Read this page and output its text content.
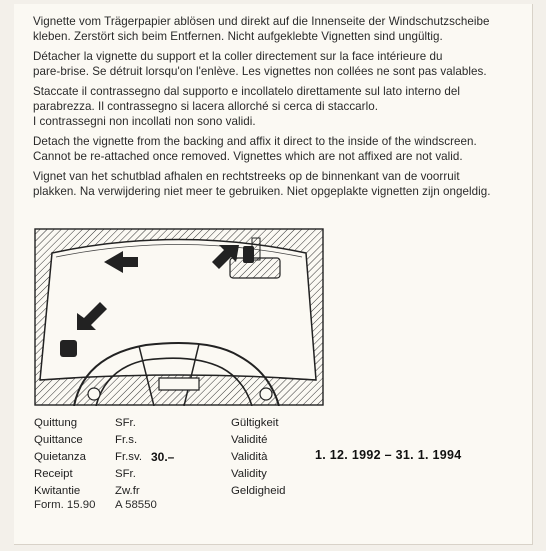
Vignette vom Trägerpapier ablösen und direkt auf die Innenseite der Windschutzscheibe
kleben. Zerstört sich beim Entfernen. Nicht aufgeklebte Vignetten sind ungültig.

Détacher la vignette du support et la coller directement sur la face intérieure du
pare-brise. Se détruit lorsqu'on l'enlève. Les vignettes non collées ne sont pas valables.

Staccate il contrassegno dal supporto e incollatelo direttamente sul lato interno del
parabrezza. Il contrassegno si lacera allorché si cerca di staccarlo.
I contrassegni non incollati non sono validi.

Detach the vignette from the backing and affix it direct to the inside of the windscreen.
Cannot be re-attached once removed. Vignettes which are not affixed are not valid.

Vignet van het schutblad afhalen en rechtstreeks op de binnenkant van de voorruit
plakken. Na verwijdering niet meer te gebruiken. Niet opgeplakte vignetten zijn ongeldig.

Quittung
Quittance
Quietanza
Receipt
Kwitantie
SFr.
Fr.s.
Fr.sv.
SFr.
Zw.fr
30.–
Gültigkeit
Validité
Validità
Validity
Geldigheid
1. 12. 1992 – 31. 1. 1994
Form. 15.90 A 58550
